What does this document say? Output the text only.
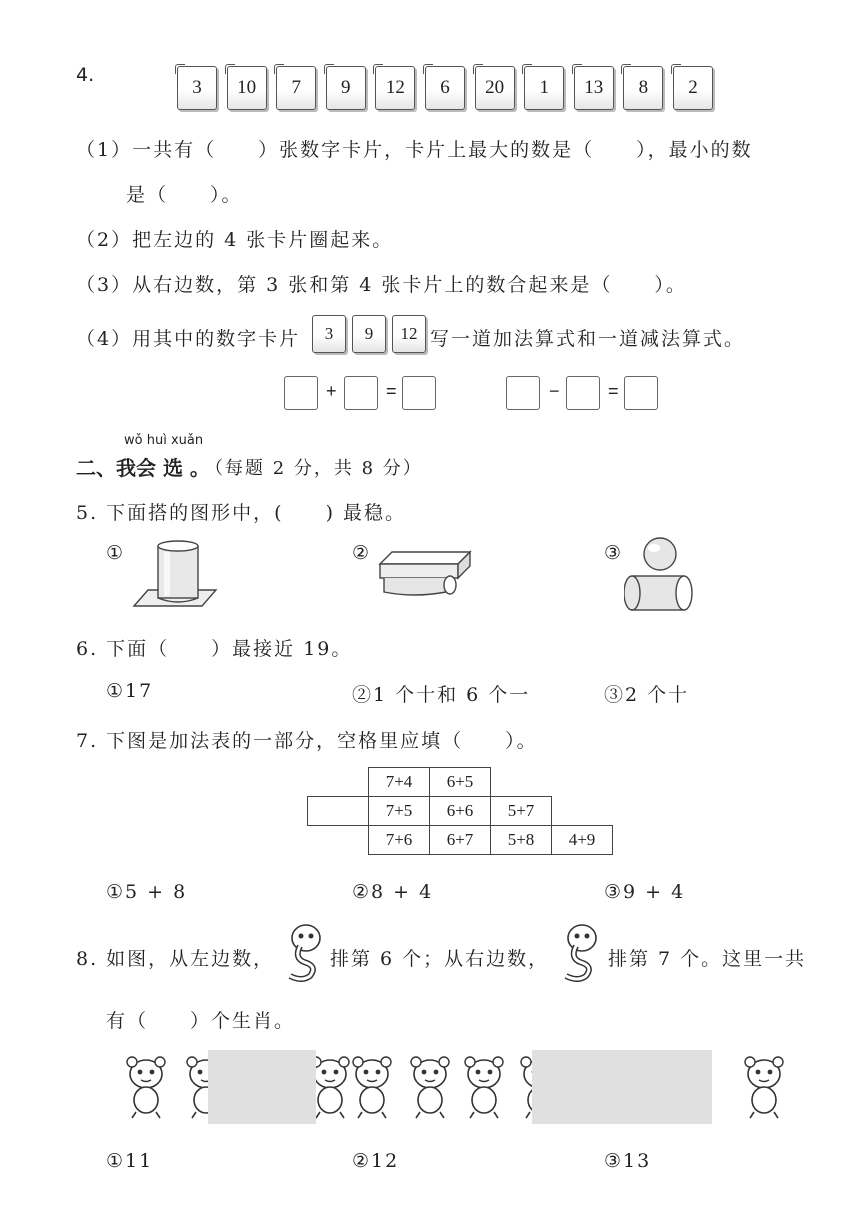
4.
3	10	7	9	12	6	20	1	13	8	2
（1）一共有（　　）张数字卡片，卡片上最大的数是（　　），最小的数
是（　　）。
（2）把左边的 4 张卡片圈起来。
（3）从右边数，第 3 张和第 4 张卡片上的数合起来是（　　）。
（4）用其中的数字卡片	3	9	12 写一道加法算式和一道减法算式。
+	=	−	=
wǒ huì xuǎn
二、我会 选 。
（每题 2 分，共 8 分）
5. 下面搭的图形中，(　　) 最稳。
①	②	③
6. 下面（　　）最接近 19。
①17	②1 个十和 6 个一	③2 个十
7. 下图是加法表的一部分，空格里应填（　　）。
	7+4	6+5		
	7+5	6+6	5+7	
	7+6	6+7	5+8	4+9
①5 + 8	②8 + 4	③9 + 4
8. 如图，从左边数，	排第 6 个；从右边数，	排第 7 个。这里一共
有（　　）个生肖。
①11	②12	③13
